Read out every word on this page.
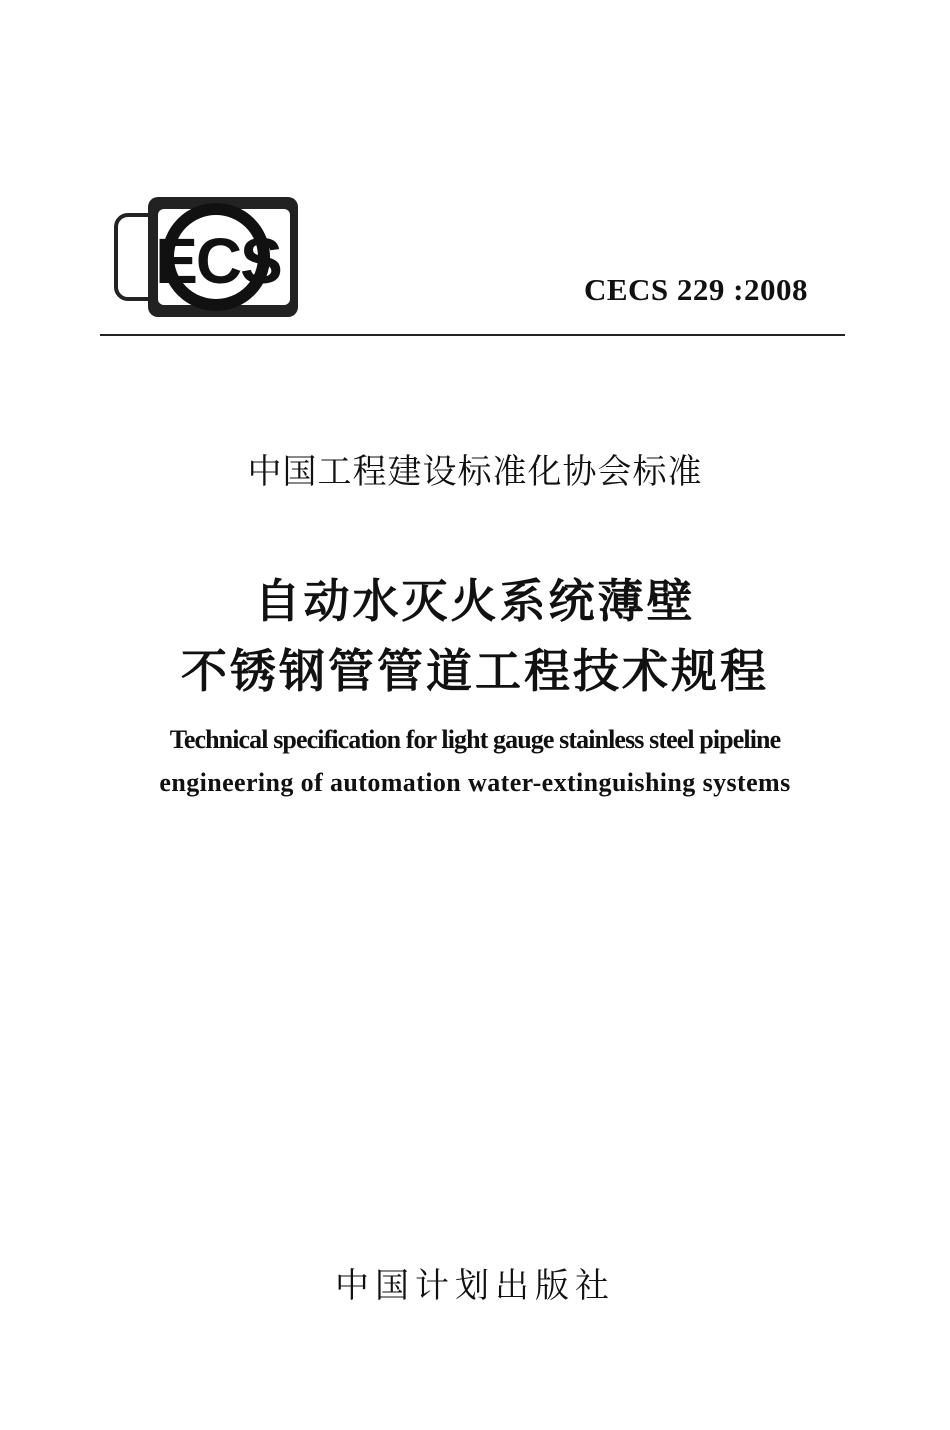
ECS	CECS 229 :2008
中国工程建设标准化协会标准
自动水灭火系统薄壁
不锈钢管管道工程技术规程
Technical specification for light gauge stainless steel pipeline
engineering of automation water-extinguishing systems
中国计划出版社
